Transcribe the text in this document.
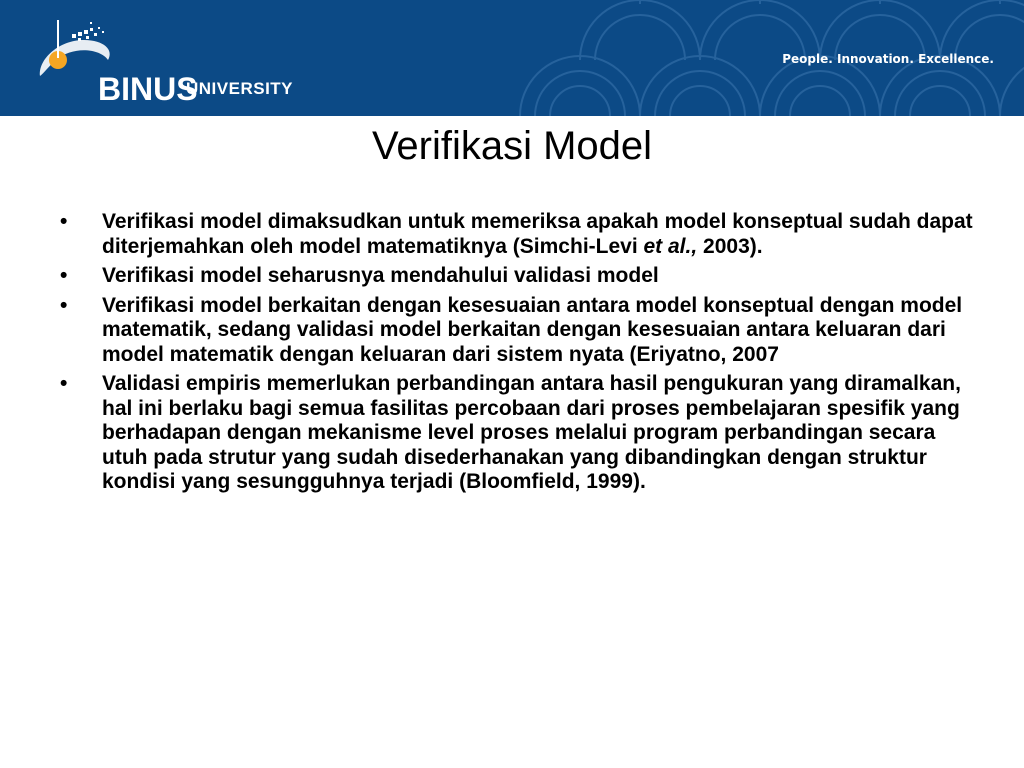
BINUS
UNIVERSITY
People. Innovation. Excellence.
Verifikasi Model
•	Verifikasi model dimaksudkan untuk memeriksa apakah model konseptual sudah dapat diterjemahkan oleh model matematiknya (Simchi-Levi et al., 2003).
•	Verifikasi model seharusnya mendahului validasi model
•	Verifikasi model berkaitan dengan kesesuaian antara model konseptual dengan model matematik, sedang validasi model berkaitan dengan kesesuaian antara keluaran dari model matematik dengan keluaran dari sistem nyata (Eriyatno, 2007
•	Validasi empiris memerlukan perbandingan antara hasil pengukuran yang diramalkan, hal ini berlaku bagi semua fasilitas percobaan dari proses pembelajaran spesifik yang berhadapan dengan mekanisme level proses melalui program perbandingan secara utuh pada strutur yang sudah disederhanakan yang dibandingkan dengan struktur kondisi yang sesungguhnya terjadi (Bloomfield, 1999).
